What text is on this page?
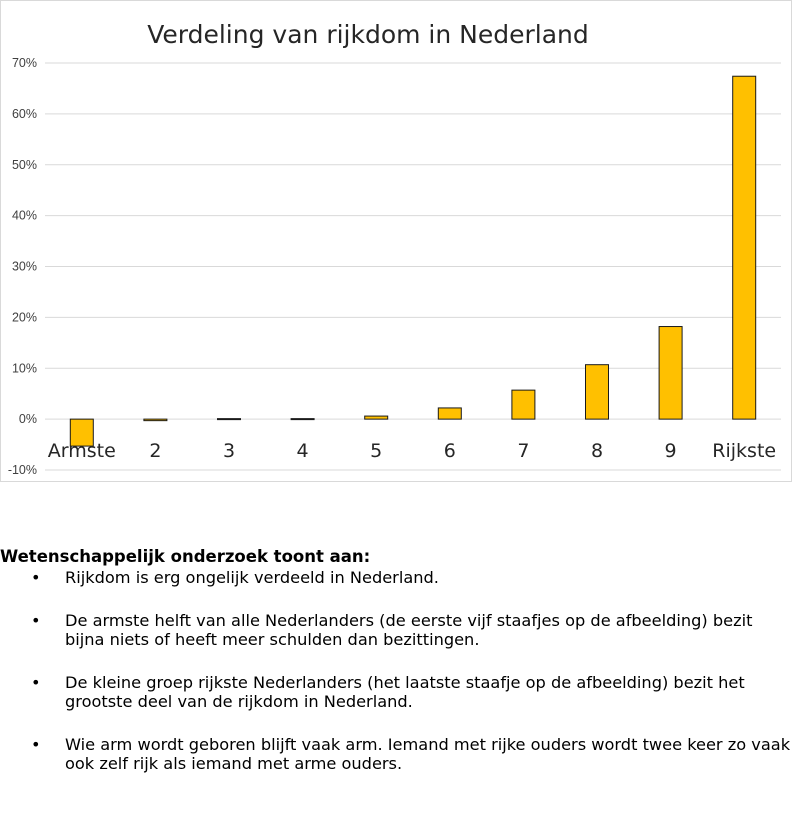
Verdeling van rijkdom in Nederland
-10%
0%
10%
20%
30%
40%
50%
60%
70%
Armste 2	3	4	5	6	7	8	9 Rijkste
Wetenschappelijk onderzoek toont aan:
• Rijkdom is erg ongelijk verdeeld in Nederland.
• De armste helft van alle Nederlanders (de eerste vijf staafjes op de afbeelding) bezit bijna niets of heeft meer schulden dan bezittingen.
• De kleine groep rijkste Nederlanders (het laatste staafje op de afbeelding) bezit het grootste deel van de rijkdom in Nederland.
• Wie arm wordt geboren blijft vaak arm. Iemand met rijke ouders wordt twee keer zo vaak ook zelf rijk als iemand met arme ouders.
